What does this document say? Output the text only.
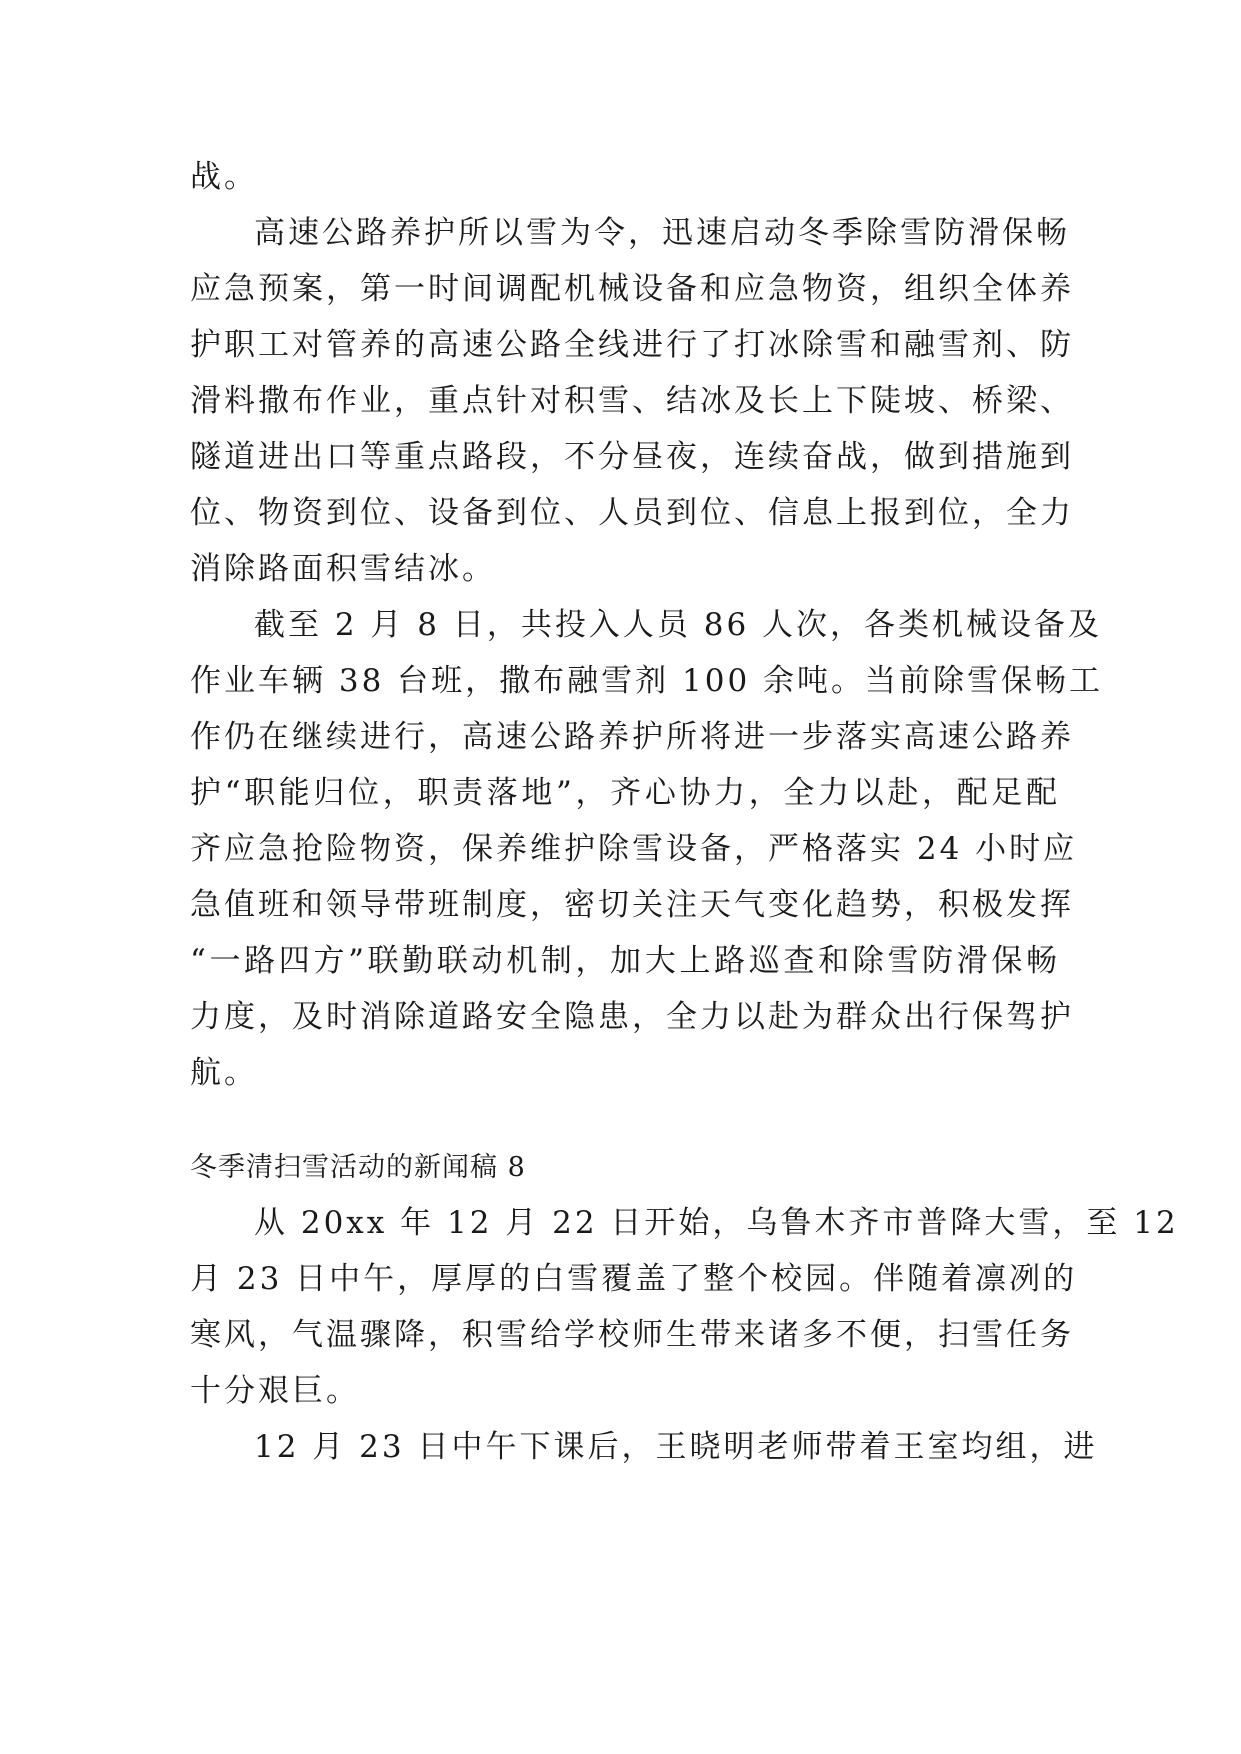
战。
高速公路养护所以雪为令，迅速启动冬季除雪防滑保畅
应急预案，第一时间调配机械设备和应急物资，组织全体养
护职工对管养的高速公路全线进行了打冰除雪和融雪剂、防
滑料撒布作业，重点针对积雪、结冰及长上下陡坡、桥梁、
隧道进出口等重点路段，不分昼夜，连续奋战，做到措施到
位、物资到位、设备到位、人员到位、信息上报到位，全力
消除路面积雪结冰。
截至 2 月 8 日，共投入人员 86 人次，各类机械设备及
作业车辆 38 台班，撒布融雪剂 100 余吨。当前除雪保畅工
作仍在继续进行，高速公路养护所将进一步落实高速公路养
护“职能归位，职责落地”，齐心协力，全力以赴，配足配
齐应急抢险物资，保养维护除雪设备，严格落实 24 小时应
急值班和领导带班制度，密切关注天气变化趋势，积极发挥
“一路四方”联勤联动机制，加大上路巡查和除雪防滑保畅
力度，及时消除道路安全隐患，全力以赴为群众出行保驾护
航。
冬季清扫雪活动的新闻稿 8
从 20xx 年 12 月 22 日开始，乌鲁木齐市普降大雪，至 12
月 23 日中午，厚厚的白雪覆盖了整个校园。伴随着凛冽的
寒风，气温骤降，积雪给学校师生带来诸多不便，扫雪任务
十分艰巨。
12 月 23 日中午下课后，王晓明老师带着王室均组，进
